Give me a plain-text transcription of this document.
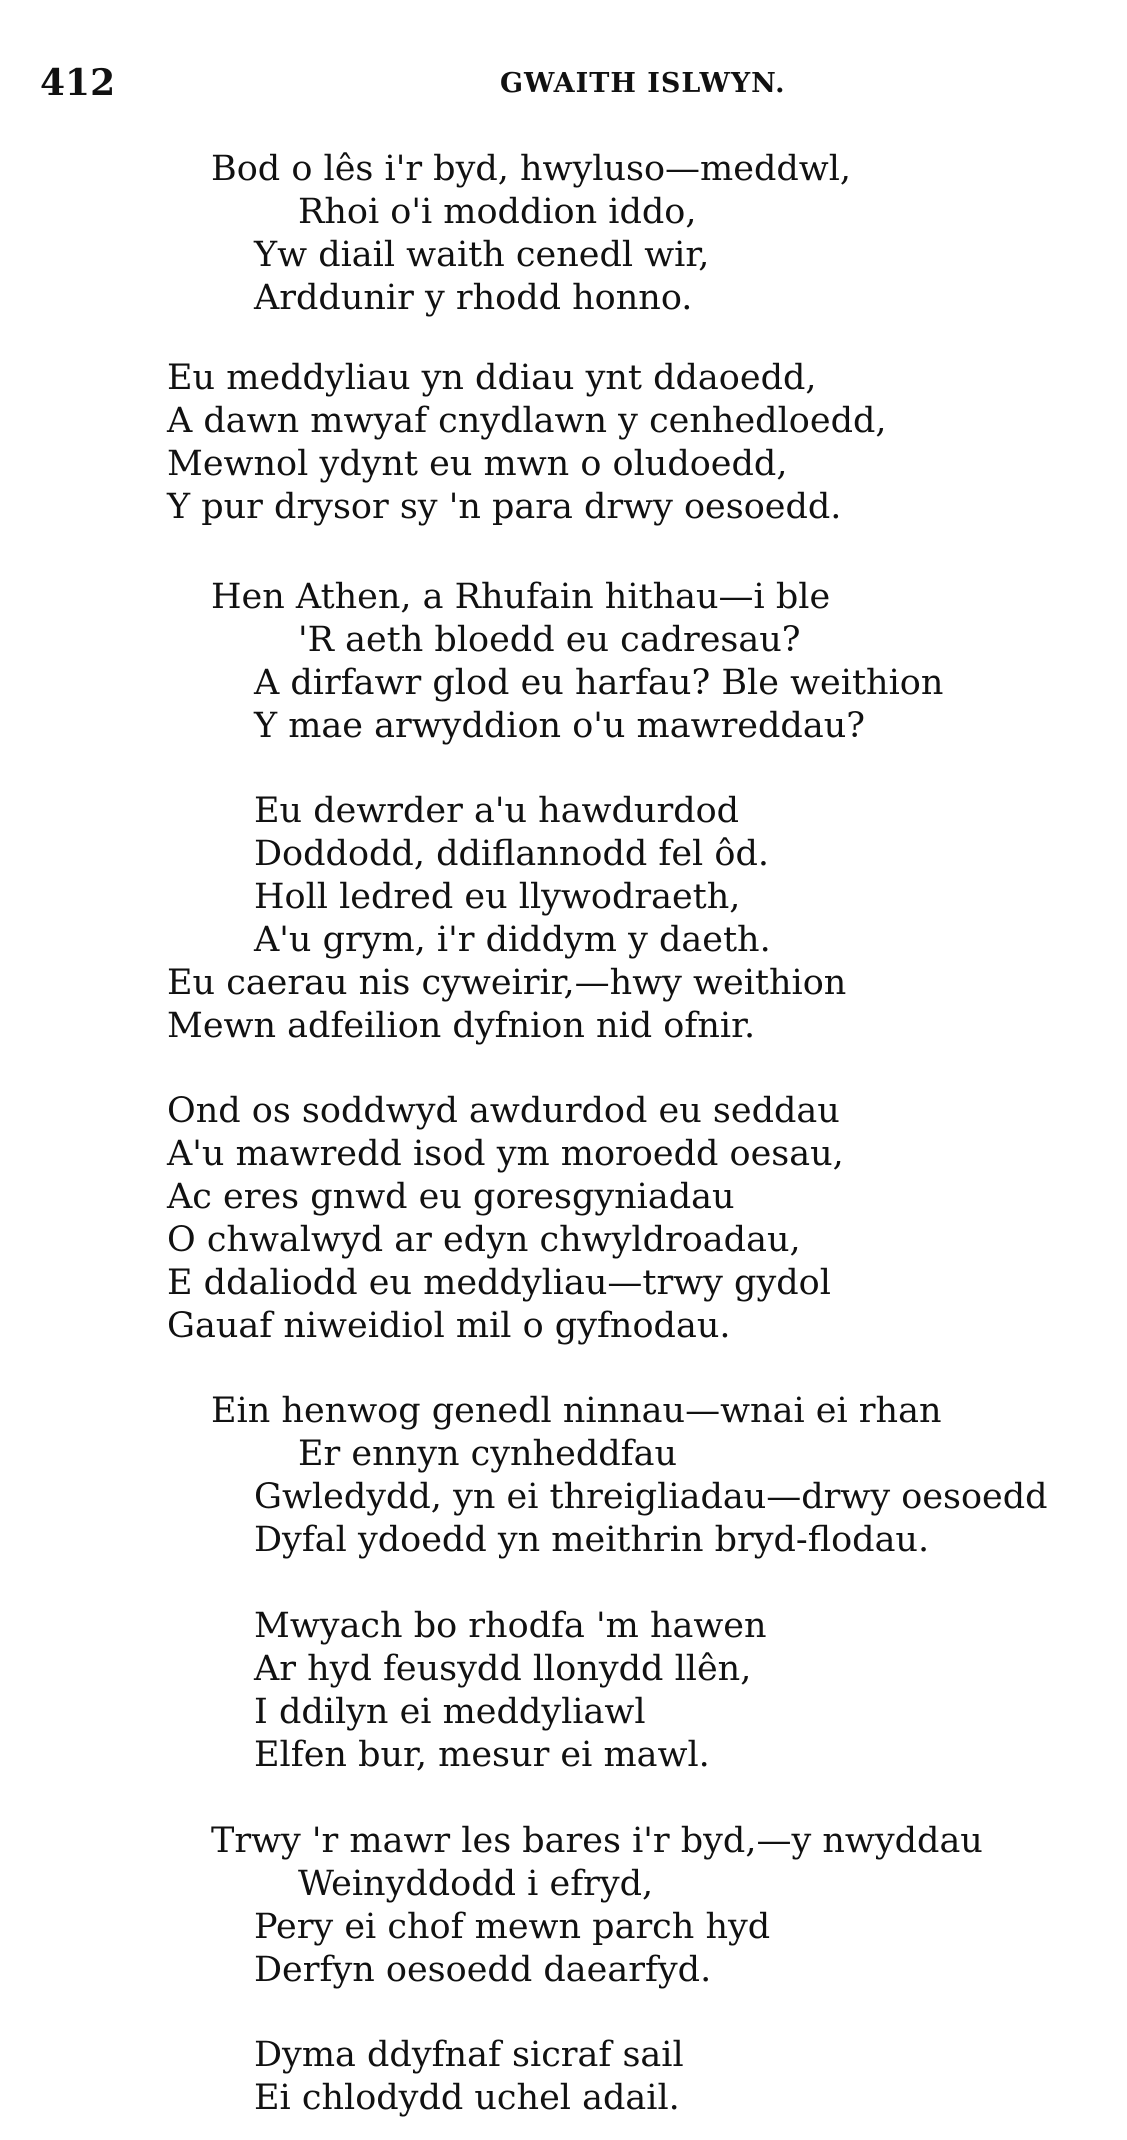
412	GWAITH ISLWYN.
Bod o lês i'r byd, hwyluso—meddwl,
Rhoi o'i moddion iddo,
Yw diail waith cenedl wir,
Arddunir y rhodd honno.
Eu meddyliau yn ddiau ynt ddaoedd,
A dawn mwyaf cnydlawn y cenhedloedd,
Mewnol ydynt eu mwn o oludoedd,
Y pur drysor sy 'n para drwy oesoedd.
Hen Athen, a Rhufain hithau—i ble
'R aeth bloedd eu cadresau?
A dirfawr glod eu harfau? Ble weithion
Y mae arwyddion o'u mawreddau?
Eu dewrder a'u hawdurdod
Doddodd, ddiflannodd fel ôd.
Holl ledred eu llywodraeth,
A'u grym, i'r diddym y daeth.
Eu caerau nis cyweirir,—hwy weithion
Mewn adfeilion dyfnion nid ofnir.
Ond os soddwyd awdurdod eu seddau
A'u mawredd isod ym moroedd oesau,
Ac eres gnwd eu goresgyniadau
O chwalwyd ar edyn chwyldroadau,
E ddaliodd eu meddyliau—trwy gydol
Gauaf niweidiol mil o gyfnodau.
Ein henwog genedl ninnau—wnai ei rhan
Er ennyn cynheddfau
Gwledydd, yn ei threigliadau—drwy oesoedd
Dyfal ydoedd yn meithrin bryd-flodau.
Mwyach bo rhodfa 'm hawen
Ar hyd feusydd llonydd llên,
I ddilyn ei meddyliawl
Elfen bur, mesur ei mawl.
Trwy 'r mawr les bares i'r byd,—y nwyddau
Weinyddodd i efryd,
Pery ei chof mewn parch hyd
Derfyn oesoedd daearfyd.
Dyma ddyfnaf sicraf sail
Ei chlodydd uchel adail.
